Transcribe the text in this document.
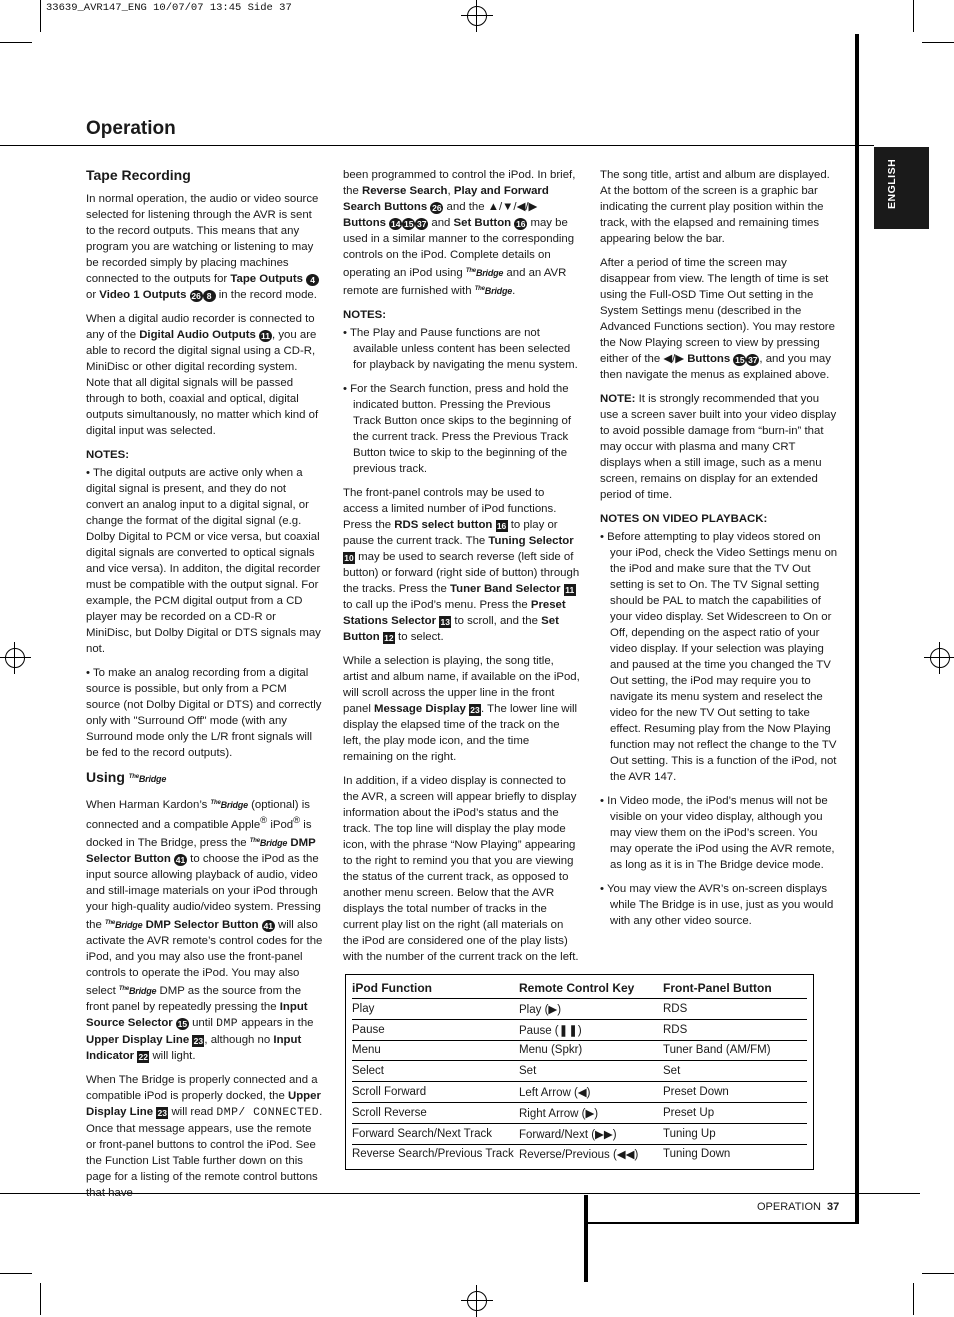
33639_AVR147_ENG 10/07/07 13:45 Side 37
Operation
ENGLISH
Tape Recording

In normal operation, the audio or video source selected for listening through the AVR is sent to the record outputs. This means that any program you are watching or listening to may be recorded simply by placing machines connected to the outputs for Tape Outputs 4 or Video 1 Outputs 26 8 in the record mode.

When a digital audio recorder is connected to any of the Digital Audio Outputs 11 , you are able to record the digital signal using a CD-R, MiniDisc or other digital recording system. Note that all digital signals will be passed through to both, coaxial and optical, digital outputs simultanously, no matter which kind of digital input was selected.

NOTES:

• The digital outputs are active only when a digital signal is present, and they do not convert an analog input to a digital signal, or change the format of the digital signal (e.g. Dolby Digital to PCM or vice versa, but coaxial digital signals are converted to optical signals and vice versa). In additon, the digital recorder must be compatible with the output signal. For example, the PCM digital output from a CD player may be recorded on a CD-R or MiniDisc, but Dolby Digital or DTS signals may not.

• To make an analog recording from a digital source is possible, but only from a PCM source (not Dolby Digital or DTS) and correctly only with "Surround Off" mode (with any Surround mode only the L/R front signals will be fed to the record outputs).

Using $^{The}$Bridge

When Harman Kardon’s $^{The}$Bridge (optional) is connected and a compatible Apple® iPod® is docked in The Bridge, press the $^{The}$Bridge DMP Selector Button 41 to choose the iPod as the input source allowing playback of audio, video and still-image materials on your iPod through your high-quality audio/video system. Pressing the $^{The}$Bridge DMP Selector Button 41 will also activate the AVR remote’s control codes for the iPod, and you may also use the front-panel controls to operate the iPod. You may also select $^{The}$Bridge DMP as the source from the front panel by repeatedly pressing the Input Source Selector 15 until DMP appears in the Upper Display Line 23, although no Input Indicator 22 will light.

When The Bridge is properly connected and a compatible iPod is properly docked, the Upper Display Line 23 will read DMP/ CONNECTED.

Once that message appears, use the remote or front-panel buttons to control the iPod. See the Function List Table further down on this page for a listing of the remote control buttons that have

been programmed to control the iPod. In brief, the Reverse Search, Play and Forward Search Buttons 26 and the ▲/▼/◀/▶ Buttons 14 15 37 and Set Button 16 may be used in a similar manner to the corresponding controls on the iPod. Complete details on operating an iPod using $^{The}$Bridge and an AVR remote are furnished with $^{The}$Bridge.

NOTES:

• The Play and Pause functions are not available unless content has been selected for playback by navigating the menu system.

• For the Search function, press and hold the indicated button. Pressing the Previous Track Button once skips to the beginning of the current track. Press the Previous Track Button twice to skip to the beginning of the previous track.

The front-panel controls may be used to access a limited number of iPod functions. Press the RDS select button 16 to play or pause the current track. The Tuning Selector 10 may be used to search reverse (left side of button) or forward (right side of button) through the tracks. Press the Tuner Band Selector 11 to call up the iPod’s menu. Press the Preset Stations Selector 13 to scroll, and the Set Button 12 to select.

While a selection is playing, the song title, artist and album name, if available on the iPod, will scroll across the upper line in the front panel Message Display 23. The lower line will display the elapsed time of the track on the left, the play mode icon, and the time remaining on the right.

In addition, if a video display is connected to the AVR, a screen will appear briefly to display information about the iPod’s status and the track. The top line will display the play mode icon, with the phrase “Now Playing” appearing to the right to remind you that you are viewing the status of the current track, as opposed to another menu screen. Below that the AVR displays the total number of tracks in the current play list on the right (all materials on the iPod are considered one of the play lists) with the number of the current track on the left.

The song title, artist and album are displayed. At the bottom of the screen is a graphic bar indicating the current play position within the track, with the elapsed and remaining times appearing below the bar.

After a period of time the screen may disappear from view. The length of time is set using the Full-OSD Time Out setting in the System Settings menu (described in the Advanced Functions section). You may restore the Now Playing screen to view by pressing either of the ◀/▶ Buttons 15 37 , and you may then navigate the menus as explained above.

NOTE: It is strongly recommended that you use a screen saver built into your video display to avoid possible damage from “burn-in” that may occur with plasma and many CRT displays when a still image, such as a menu screen, remains on display for an extended period of time.

NOTES ON VIDEO PLAYBACK:

• Before attempting to play videos stored on your iPod, check the Video Settings menu on the iPod and make sure that the TV Out setting is set to On. The TV Signal setting should be PAL to match the capabilities of your video display. Set Widescreen to On or Off, depending on the aspect ratio of your video display. If your selection was playing and paused at the time you changed the TV Out setting, the iPod may require you to navigate its menu system and reselect the video for the new TV Out setting to take effect. Resuming play from the Now Playing function may not reflect the change to the TV Out setting. This is a function of the iPod, not the AVR 147.

• In Video mode, the iPod’s menus will not be visible on your video display, although you may view them on the iPod’s screen. You may operate the iPod using the AVR remote, as long as it is in The Bridge device mode.

• You may view the AVR’s on-screen displays while The Bridge is in use, just as you would with any other video source.

iPod Function	Remote Control Key	Front-Panel Button
Play	Play (▶)	RDS
Pause	Pause (❚❚)	RDS
Menu	Menu (Spkr)	Tuner Band (AM/FM)
Select	Set	Set
Scroll Forward	Left Arrow (◀)	Preset Down
Scroll Reverse	Right Arrow (▶)	Preset Up
Forward Search/Next Track	Forward/Next (▶▶)	Tuning Up
Reverse Search/Previous Track	Reverse/Previous (◀◀)	Tuning Down
OPERATION 37
